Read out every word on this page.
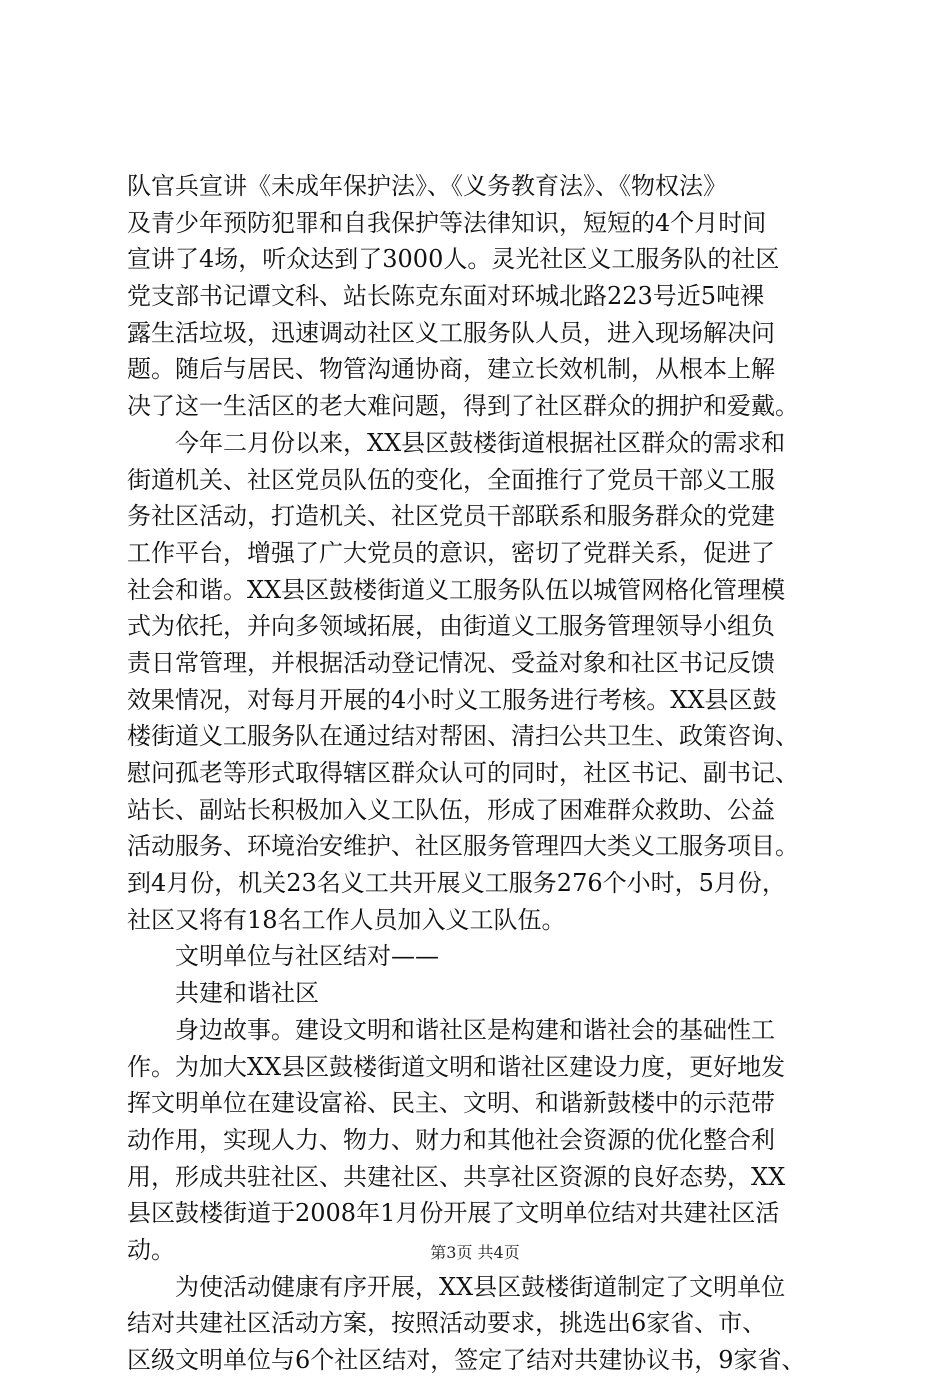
队官兵宣讲《未成年保护法》、《义务教育法》、《物权法》
及青少年预防犯罪和自我保护等法律知识，短短的4个月时间
宣讲了4场，听众达到了3000人。灵光社区义工服务队的社区
党支部书记谭文科、站长陈克东面对环城北路223号近5吨裸
露生活垃圾，迅速调动社区义工服务队人员，进入现场解决问
题。随后与居民、物管沟通协商，建立长效机制，从根本上解
决了这一生活区的老大难问题，得到了社区群众的拥护和爱戴。
今年二月份以来，XX县区鼓楼街道根据社区群众的需求和
街道机关、社区党员队伍的变化，全面推行了党员干部义工服
务社区活动，打造机关、社区党员干部联系和服务群众的党建
工作平台，增强了广大党员的意识，密切了党群关系，促进了
社会和谐。XX县区鼓楼街道义工服务队伍以城管网格化管理模
式为依托，并向多领域拓展，由街道义工服务管理领导小组负
责日常管理，并根据活动登记情况、受益对象和社区书记反馈
效果情况，对每月开展的4小时义工服务进行考核。XX县区鼓
楼街道义工服务队在通过结对帮困、清扫公共卫生、政策咨询、
慰问孤老等形式取得辖区群众认可的同时，社区书记、副书记、
站长、副站长积极加入义工队伍，形成了困难群众救助、公益
活动服务、环境治安维护、社区服务管理四大类义工服务项目。
到4月份，机关23名义工共开展义工服务276个小时，5月份，
社区又将有18名工作人员加入义工队伍。
文明单位与社区结对——
共建和谐社区
身边故事。建设文明和谐社区是构建和谐社会的基础性工
作。为加大XX县区鼓楼街道文明和谐社区建设力度，更好地发
挥文明单位在建设富裕、民主、文明、和谐新鼓楼中的示范带
动作用，实现人力、物力、财力和其他社会资源的优化整合利
用，形成共驻社区、共建社区、共享社区资源的良好态势，XX
县区鼓楼街道于2008年1月份开展了文明单位结对共建社区活
动。
为使活动健康有序开展，XX县区鼓楼街道制定了文明单位
结对共建社区活动方案，按照活动要求，挑选出6家省、市、
区级文明单位与6个社区结对，签定了结对共建协议书，9家省、
第3页 共4页
